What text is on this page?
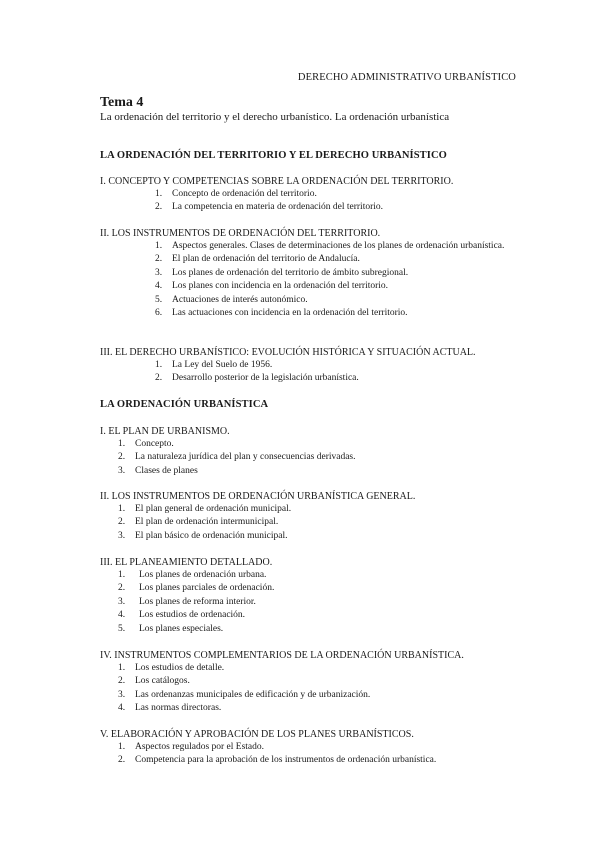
DERECHO ADMINISTRATIVO URBANÍSTICO
Tema 4
La ordenación del territorio y el derecho urbanístico. La ordenación urbanística
LA ORDENACIÓN DEL TERRITORIO Y EL DERECHO URBANÍSTICO

I. CONCEPTO Y COMPETENCIAS SOBRE LA ORDENACIÓN DEL TERRITORIO.

1.	Concepto de ordenación del territorio.
2.	La competencia en materia de ordenación del territorio.

II. LOS INSTRUMENTOS DE ORDENACIÓN DEL TERRITORIO.

1.	Aspectos generales. Clases de determinaciones de los planes de ordenación urbanística.
2.	El plan de ordenación del territorio de Andalucía.
3.	Los planes de ordenación del territorio de ámbito subregional.
4.	Los planes con incidencia en la ordenación del territorio.
5.	Actuaciones de interés autonómico.
6.	Las actuaciones con incidencia en la ordenación del territorio.

III. EL DERECHO URBANÍSTICO: EVOLUCIÓN HISTÓRICA Y SITUACIÓN ACTUAL.

1.	La Ley del Suelo de 1956.
2.	Desarrollo posterior de la legislación urbanística.
LA ORDENACIÓN URBANÍSTICA

I. EL PLAN DE URBANISMO.

1.	Concepto.
2.	La naturaleza jurídica del plan y consecuencias derivadas.
3.	Clases de planes

II. LOS INSTRUMENTOS DE ORDENACIÓN URBANÍSTICA GENERAL.

1.	El plan general de ordenación municipal.
2.	El plan de ordenación intermunicipal.
3.	El plan básico de ordenación municipal.

III. EL PLANEAMIENTO DETALLADO.

1.	Los planes de ordenación urbana.
2.	Los planes parciales de ordenación.
3.	Los planes de reforma interior.
4.	Los estudios de ordenación.
5.	Los planes especiales.

IV. INSTRUMENTOS COMPLEMENTARIOS DE LA ORDENACIÓN URBANÍSTICA.

1.	Los estudios de detalle.
2.	Los catálogos.
3.	Las ordenanzas municipales de edificación y de urbanización.
4.	Las normas directoras.

V. ELABORACIÓN Y APROBACIÓN DE LOS PLANES URBANÍSTICOS.

1.	Aspectos regulados por el Estado.
2.	Competencia para la aprobación de los instrumentos de ordenación urbanística.
